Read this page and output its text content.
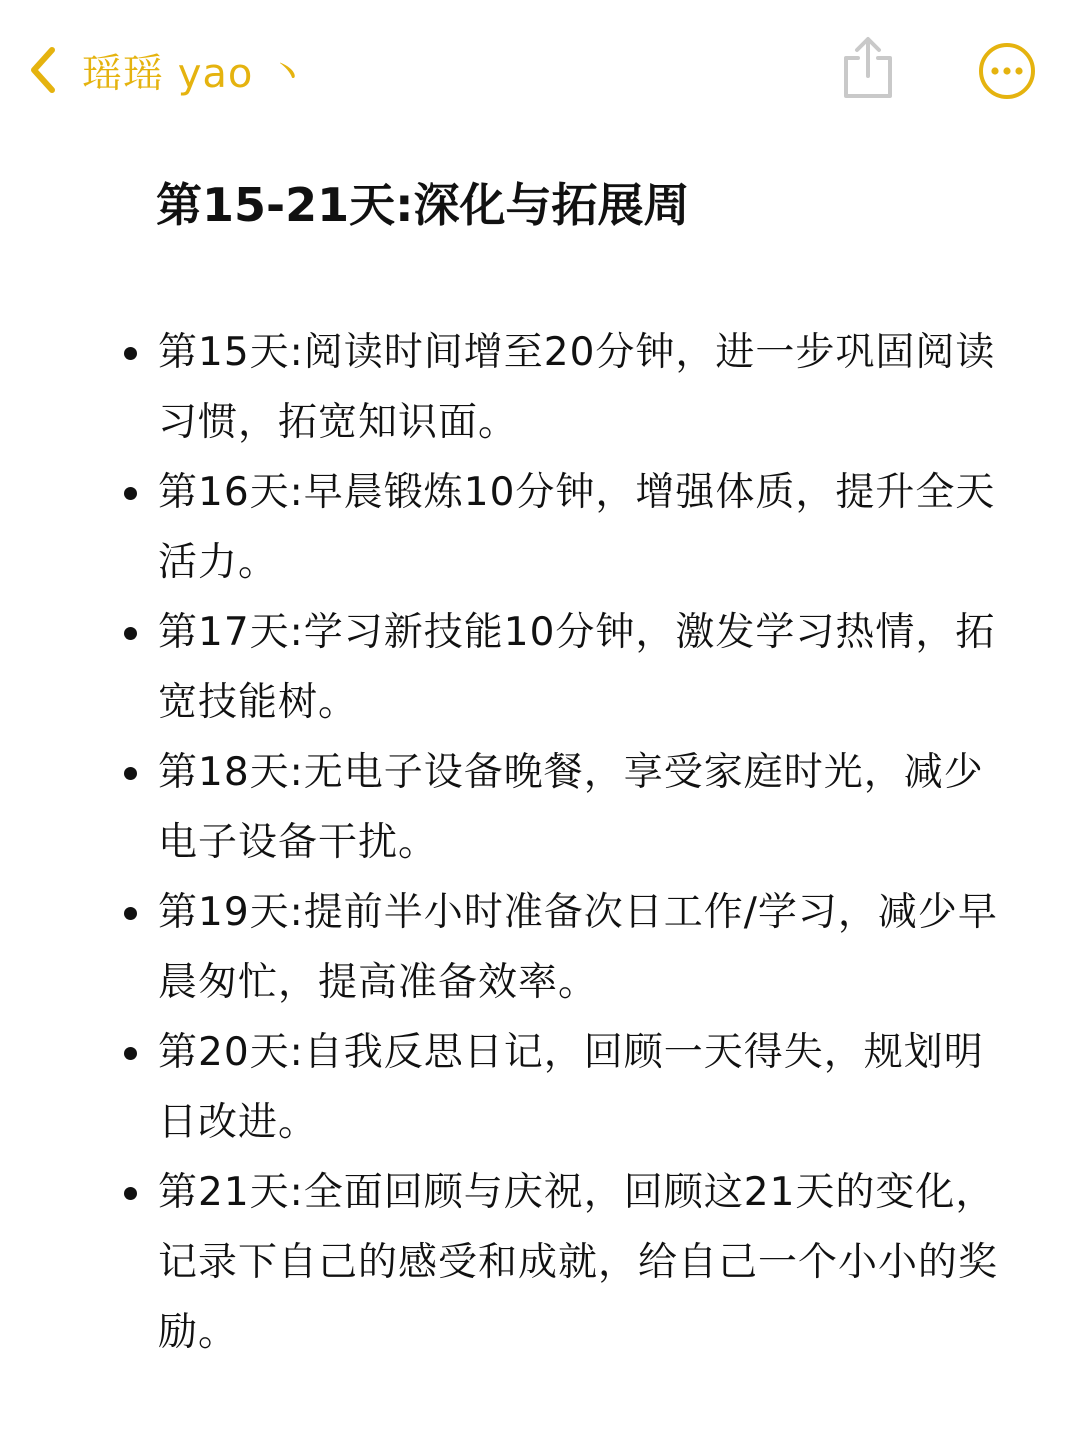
瑶瑶 yao 丶
第15-21天:深化与拓展周
第15天:阅读时间增至20分钟，进一步巩固阅读习惯，拓宽知识面。
第16天:早晨锻炼10分钟，增强体质，提升全天活力。
第17天:学习新技能10分钟，激发学习热情，拓宽技能树。
第18天:无电子设备晚餐，享受家庭时光，减少电子设备干扰。
第19天:提前半小时准备次日工作/学习，减少早晨匆忙，提高准备效率。
第20天:自我反思日记，回顾一天得失，规划明日改进。
第21天:全面回顾与庆祝，回顾这21天的变化，记录下自己的感受和成就，给自己一个小小的奖励。
